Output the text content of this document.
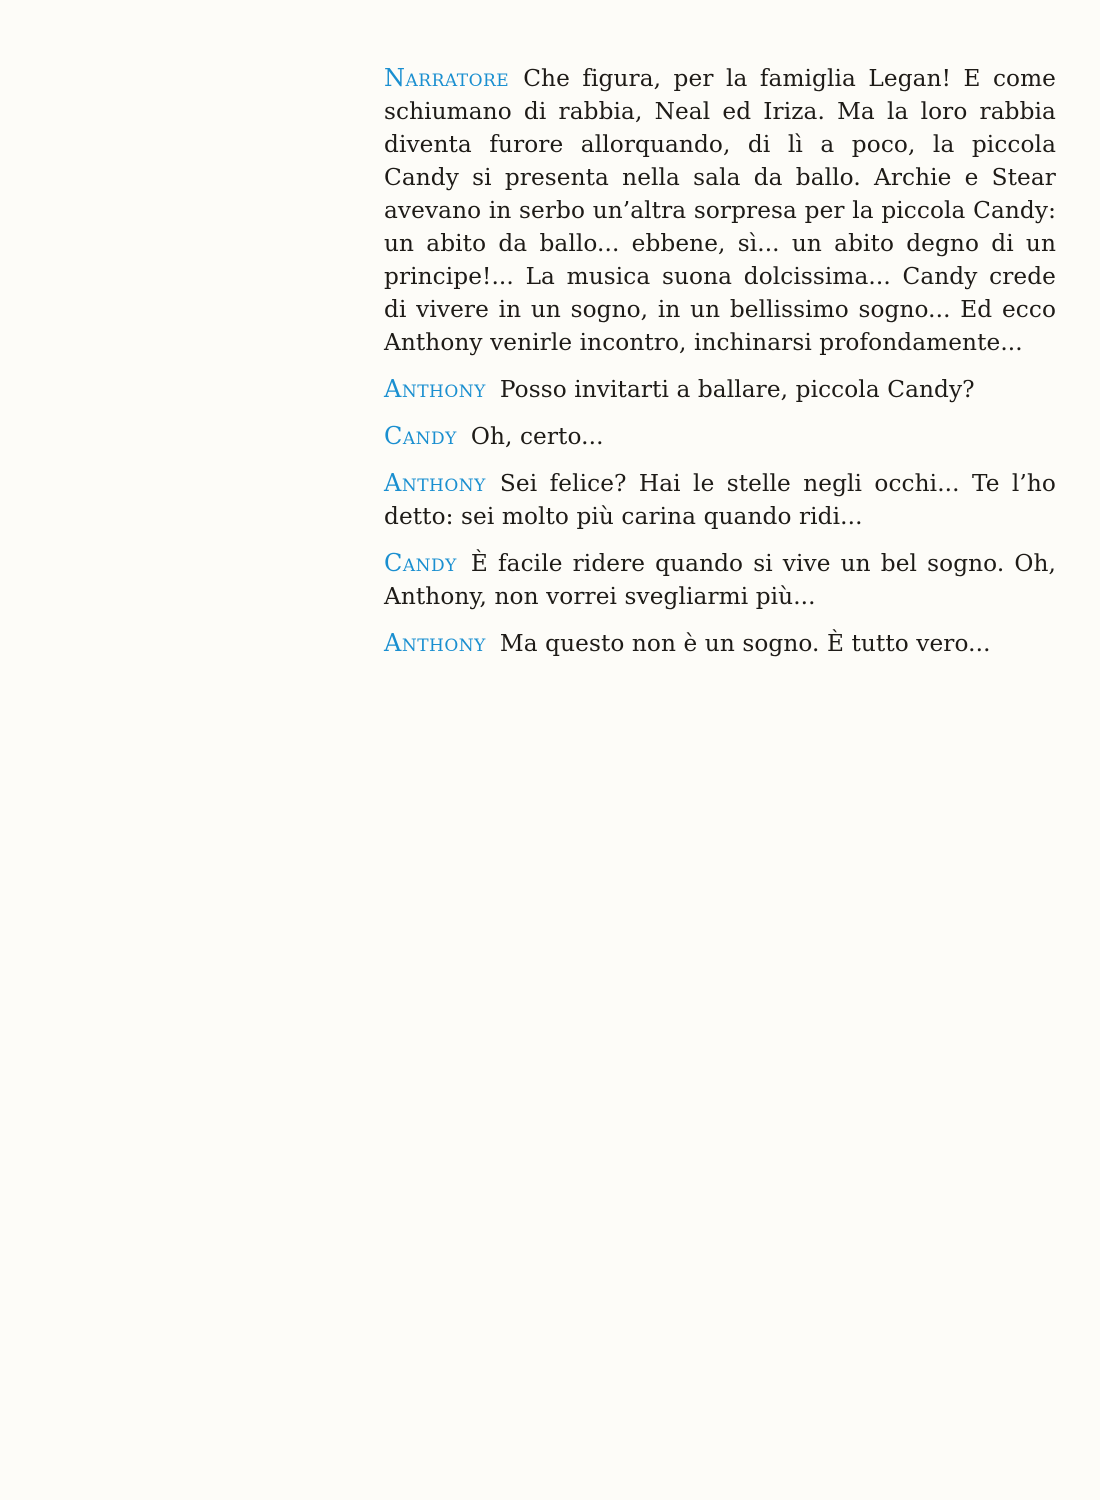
Narratore Che figura, per la famiglia Legan! E come schiumano di rabbia, Neal ed Iriza. Ma la loro rabbia diventa furore allorquando, di lì a poco, la piccola Candy si presenta nella sala da ballo. Archie e Stear avevano in serbo un’altra sorpresa per la piccola Candy: un abito da ballo... ebbene, sì... un abito degno di un principe!... La musica suona dolcissima... Candy crede di vivere in un sogno, in un bellissimo sogno... Ed ecco Anthony venirle incontro, inchinarsi profondamente...

Anthony Posso invitarti a ballare, piccola Candy?

Candy Oh, certo...

Anthony Sei felice? Hai le stelle negli occhi... Te l’ho detto: sei molto più carina quando ridi...

Candy È facile ridere quando si vive un bel sogno. Oh, Anthony, non vorrei svegliarmi più...

Anthony Ma questo non è un sogno. È tutto vero...
